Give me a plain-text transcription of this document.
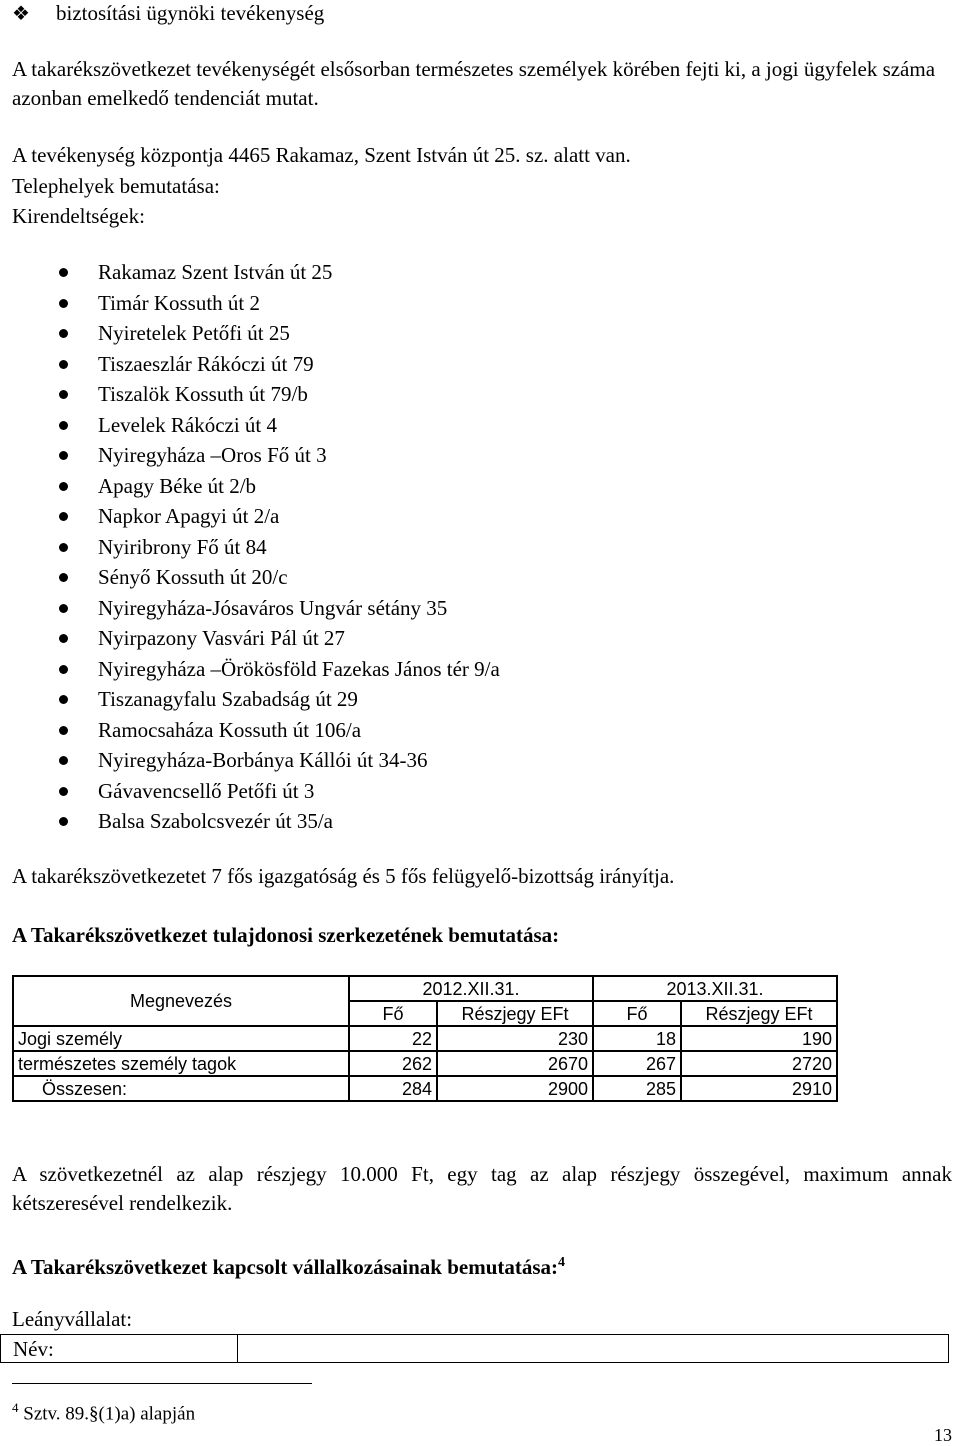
❖ biztosítási ügynöki tevékenység
A takarékszövetkezet tevékenységét elsősorban természetes személyek körében fejti ki, a jogi ügyfelek száma azonban emelkedő tendenciát mutat.
A tevékenység központja 4465 Rakamaz, Szent István út 25. sz. alatt van.
Telephelyek bemutatása:
Kirendeltségek:
Rakamaz Szent István út 25
Timár Kossuth út 2
Nyiretelek Petőfi út 25
Tiszaeszlár Rákóczi út 79
Tiszalök Kossuth út 79/b
Levelek Rákóczi út 4
Nyiregyháza –Oros Fő út 3
Apagy Béke út 2/b
Napkor Apagyi út 2/a
Nyiribrony Fő út 84
Sényő Kossuth út 20/c
Nyiregyháza-Jósaváros Ungvár sétány 35
Nyirpazony Vasvári Pál út 27
Nyiregyháza –Örökösföld Fazekas János tér 9/a
Tiszanagyfalu Szabadság út 29
Ramocsaháza Kossuth út 106/a
Nyiregyháza-Borbánya Kállói út 34-36
Gávavencsellő Petőfi út 3
Balsa Szabolcsvezér út 35/a
A takarékszövetkezetet 7 fős igazgatóság és 5 fős felügyelő-bizottság irányítja.
A Takarékszövetkezet tulajdonosi szerkezetének bemutatása:
Megnevezés	2012.XII.31.		2013.XII.31.	
	Fő	Részjegy EFt	Fő	Részjegy EFt
Jogi személy	22	230	18	190
természetes személy tagok	262	2670	267	2720
Összesen:	284	2900	285	2910
A szövetkezetnél az alap részjegy 10.000 Ft, egy tag az alap részjegy összegével, maximum annak kétszeresével rendelkezik.
A Takarékszövetkezet kapcsolt vállalkozásainak bemutatása:$^4$
Leányvállalat:
Név:	
$^4$ Sztv. 89.§(1)a) alapján
13
